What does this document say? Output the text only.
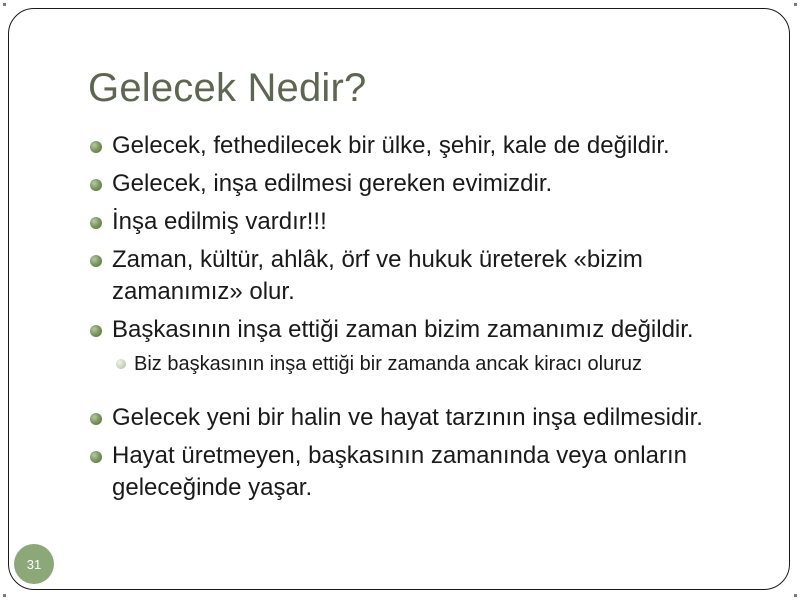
Gelecek Nedir?
Gelecek, fethedilecek bir ülke, şehir, kale de değildir.
Gelecek, inşa edilmesi gereken evimizdir.
İnşa edilmiş vardır!!!
Zaman, kültür, ahlâk, örf ve hukuk üreterek «bizim zamanımız» olur.
Başkasının inşa ettiği zaman bizim zamanımız değildir.
Biz başkasının inşa ettiği bir zamanda ancak kiracı oluruz
Gelecek yeni bir halin ve hayat tarzının inşa edilmesidir.
Hayat üretmeyen, başkasının zamanında veya onların geleceğinde yaşar.
31
